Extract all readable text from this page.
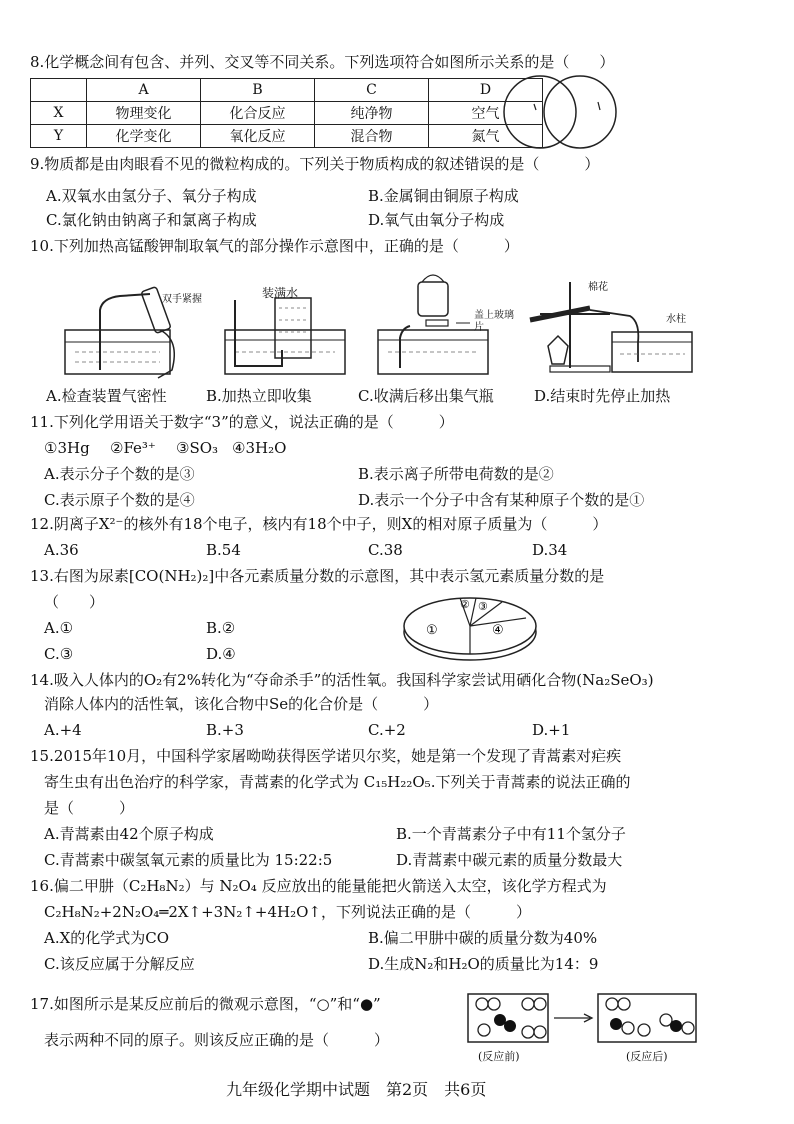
8.化学概念间有包含、并列、交叉等不同关系。下列选项符合如图所示关系的是（　　）
	A	B	C	D
X	物理变化	化合反应	纯净物	空气
Y	化学变化	氧化反应	混合物	氮气
9.物质都是由肉眼看不见的微粒构成的。下列关于物质构成的叙述错误的是（　　　）
A.双氧水由氢分子、氧分子构成	B.金属铜由铜原子构成
C.氯化钠由钠离子和氯离子构成	D.氧气由氧分子构成
10.下列加热高锰酸钾制取氧气的部分操作示意图中，正确的是（　　　）
双手紧握	装满水
盖上玻璃片
棉花
水柱
A.检查装置气密性	B.加热立即收集	C.收满后移出集气瓶	D.结束时先停止加热
11.下列化学用语关于数字“3”的意义，说法正确的是（　　　）
①3Hg ②Fe³⁺ ③SO₃ ④3H₂O
A.表示分子个数的是③	B.表示离子所带电荷数的是②
C.表示原子个数的是④	D.表示一个分子中含有某种原子个数的是①
12.阴离子X²⁻的核外有18个电子，核内有18个中子，则X的相对原子质量为（　　　）
A.36	B.54	C.38	D.34
13.右图为尿素[CO(NH₂)₂]中各元素质量分数的示意图，其中表示氢元素质量分数的是
（　　）
A.①	B.②
C.③	D.④
①
② ③
④
14.吸入人体内的O₂有2%转化为“夺命杀手”的活性氧。我国科学家尝试用硒化合物(Na₂SeO₃)
消除人体内的活性氧，该化合物中Se的化合价是（　　　）
A.+4	B.+3	C.+2	D.+1
15.2015年10月，中国科学家屠呦呦获得医学诺贝尔奖，她是第一个发现了青蒿素对疟疾
寄生虫有出色治疗的科学家，青蒿素的化学式为 C₁₅H₂₂O₅.下列关于青蒿素的说法正确的
是（　　　）
A.青蒿素由42个原子构成	B.一个青蒿素分子中有11个氢分子
C.青蒿素中碳氢氧元素的质量比为 15:22:5	D.青蒿素中碳元素的质量分数最大
16.偏二甲肼（C₂H₈N₂）与 N₂O₄ 反应放出的能量能把火箭送入太空，该化学方程式为
C₂H₈N₂+2N₂O₄═2X↑+3N₂↑+4H₂O↑，下列说法正确的是（　　　）
A.X的化学式为CO	B.偏二甲肼中碳的质量分数为40%
C.该反应属于分解反应	D.生成N₂和H₂O的质量比为14：9
17.如图所示是某反应前后的微观示意图，“○”和“●”
表示两种不同的原子。则该反应正确的是（　　　）
(反应前)	(反应后)
九年级化学期中试题　第2页　共6页
